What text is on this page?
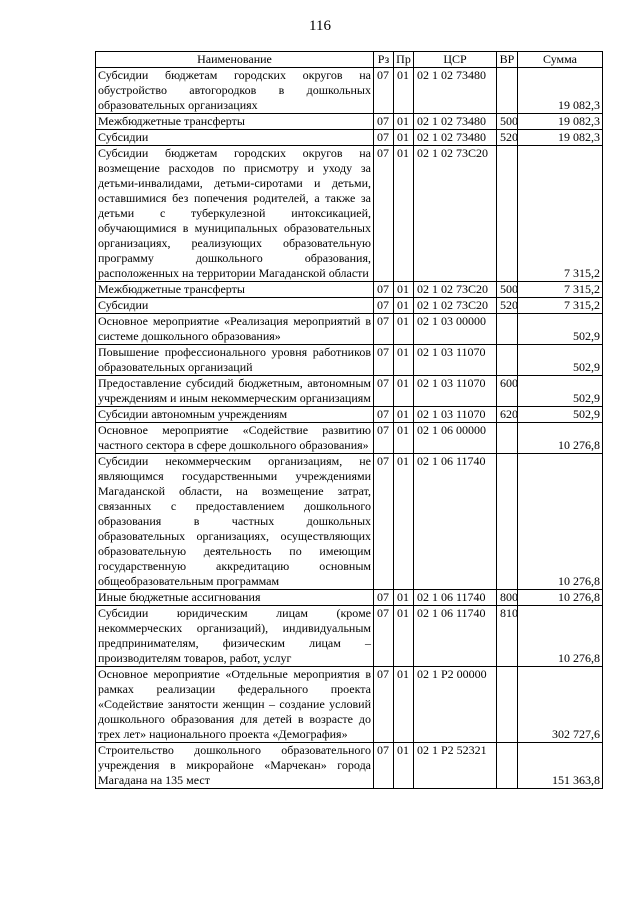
116
Наименование	Рз	Пр	ЦСР	ВР	Сумма
Субсидии бюджетам городских округов на обустройство автогородков в дошкольных образовательных организациях	07	01	02 1 02 73480		19 082,3
Межбюджетные трансферты	07	01	02 1 02 73480	500	19 082,3
Субсидии	07	01	02 1 02 73480	520	19 082,3
Субсидии бюджетам городских округов на возмещение расходов по присмотру и уходу за детьми-инвалидами, детьми-сиротами и детьми, оставшимися без попечения родителей, а также за детьми с туберкулезной интоксикацией, обучающимися в муниципальных образовательных организациях, реализующих образовательную программу дошкольного образования, расположенных на территории Магаданской области	07	01	02 1 02 73С20		7 315,2
Межбюджетные трансферты	07	01	02 1 02 73С20	500	7 315,2
Субсидии	07	01	02 1 02 73С20	520	7 315,2
Основное мероприятие «Реализация мероприятий в системе дошкольного образования»	07	01	02 1 03 00000		502,9
Повышение профессионального уровня работников образовательных организаций	07	01	02 1 03 11070		502,9
Предоставление субсидий бюджетным, автономным учреждениям и иным некоммерческим организациям	07	01	02 1 03 11070	600	502,9
Субсидии автономным учреждениям	07	01	02 1 03 11070	620	502,9
Основное мероприятие «Содействие развитию частного сектора в сфере дошкольного образования»	07	01	02 1 06 00000		10 276,8
Субсидии некоммерческим организациям, не являющимся государственными учреждениями Магаданской области, на возмещение затрат, связанных с предоставлением дошкольного образования в частных дошкольных образовательных организациях, осуществляющих образовательную деятельность по имеющим государственную аккредитацию основным общеобразовательным программам	07	01	02 1 06 11740		10 276,8
Иные бюджетные ассигнования	07	01	02 1 06 11740	800	10 276,8
Субсидии юридическим лицам (кроме некоммерческих организаций), индивидуальным предпринимателям, физическим лицам – производителям товаров, работ, услуг	07	01	02 1 06 11740	810	10 276,8
Основное мероприятие «Отдельные мероприятия в рамках реализации федерального проекта «Содействие занятости женщин – создание условий дошкольного образования для детей в возрасте до трех лет» национального проекта «Демография»	07	01	02 1 Р2 00000		302 727,6
Строительство дошкольного образовательного учреждения в микрорайоне «Марчекан» города Магадана на 135 мест	07	01	02 1 Р2 52321		151 363,8
